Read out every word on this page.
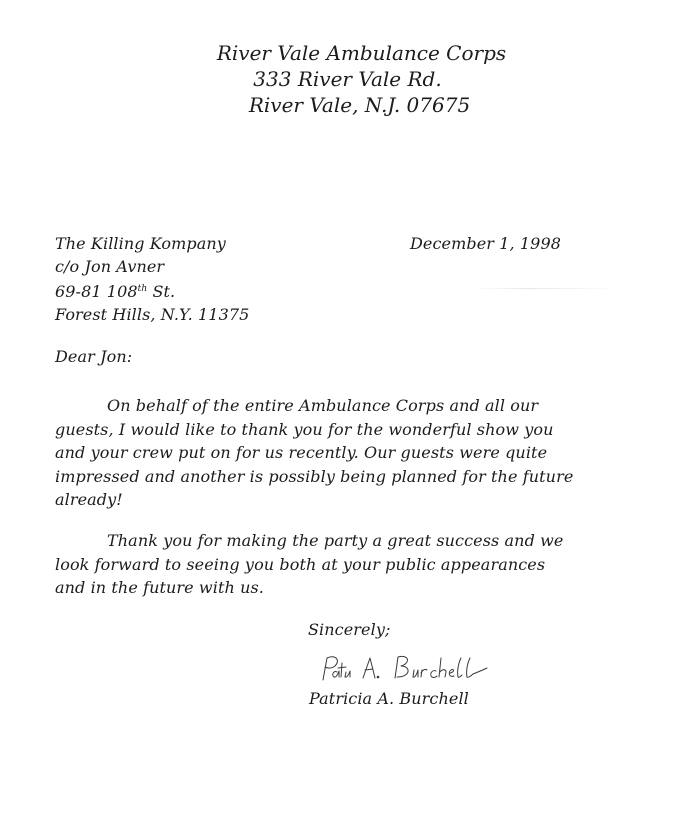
River Vale Ambulance Corps
333 River Vale Rd.
River Vale, N.J. 07675
The Killing Kompany
c/o Jon Avner
69-81 108th St.
Forest Hills, N.Y. 11375
December 1, 1998
Dear Jon:
On behalf of the entire Ambulance Corps and all our
guests, I would like to thank you for the wonderful show you
and your crew put on for us recently. Our guests were quite
impressed and another is possibly being planned for the future
already!
Thank you for making the party a great success and we
look forward to seeing you both at your public appearances
and in the future with us.
Sincerely;
Patricia A. Burchell
